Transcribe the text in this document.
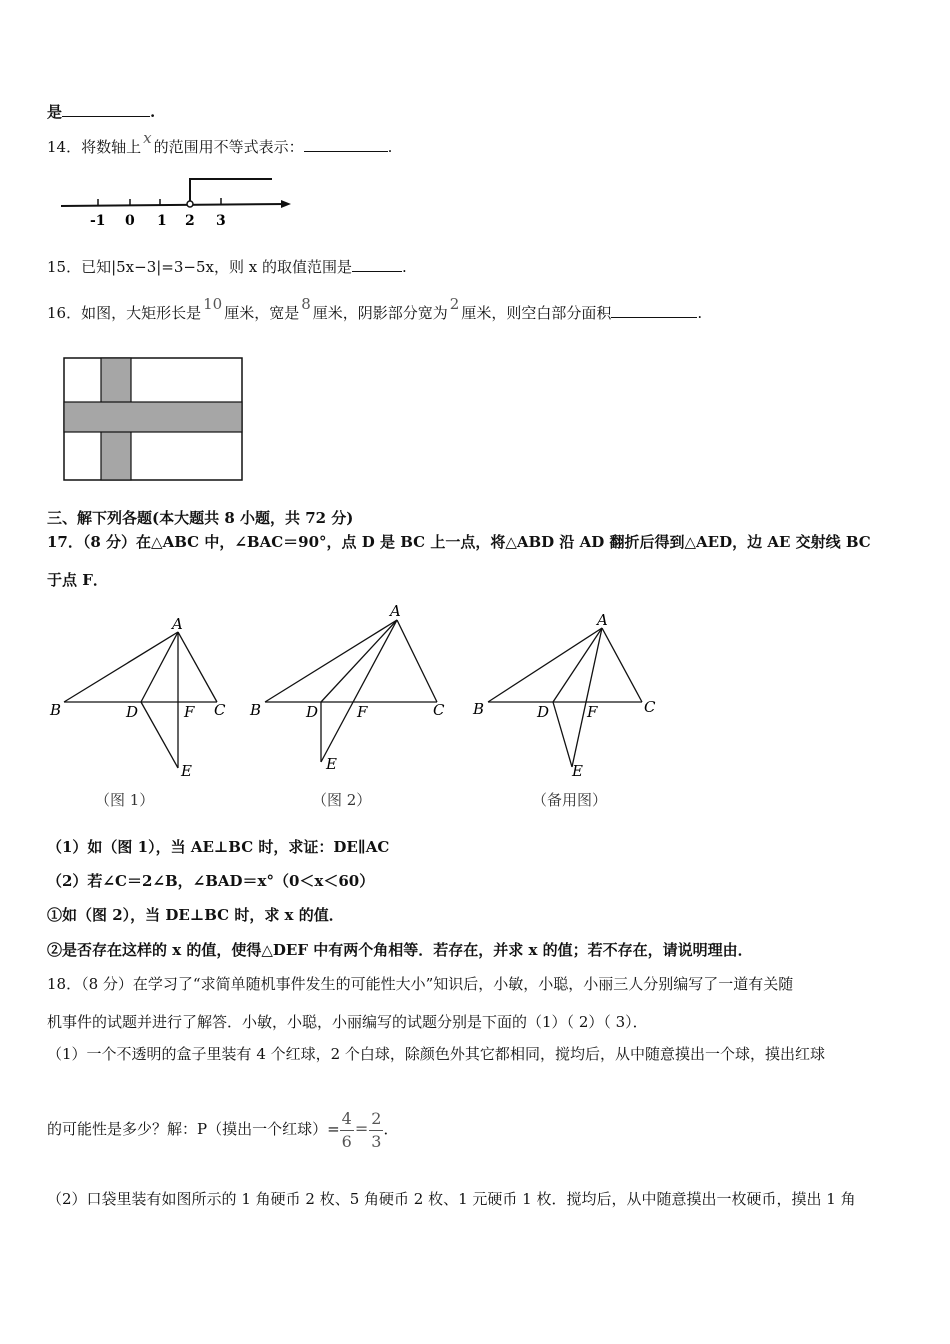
是	.
14．将数轴上 x 的范围用不等式表示：	.
-1 0 1 2 3
15．已知|5x−3|=3−5x，则 x 的取值范围是	.
16．如图，大矩形长是 10 厘米，宽是 8 厘米，阴影部分宽为 2 厘米，则空白部分面积	.
三、解下列各题(本大题共 8 小题，共 72 分)
17．（8 分）在△ABC 中，∠BAC＝90°，点 D 是 BC 上一点，将△ABD 沿 AD 翻折后得到△AED，边 AE 交射线 BC
于点 F．
A
B	D	F C
E
（图 1）
A
B	D	F	C
E
（图 2）
A
B	D	F	C
E
（备用图）
（1）如（图 1），当 AE⊥BC 时，求证：DE∥AC
（2）若∠C＝2∠B，∠BAD＝x°（0＜x＜60）
①如（图 2），当 DE⊥BC 时，求 x 的值．
②是否存在这样的 x 的值，使得△DEF 中有两个角相等．若存在，并求 x 的值；若不存在，请说明理由．
18．（8 分）在学习了“求简单随机事件发生的可能性大小”知识后，小敏，小聪，小丽三人分别编写了一道有关随
机事件的试题并进行了解答．小敏，小聪，小丽编写的试题分别是下面的（1）（ 2）（ 3）．
（1）一个不透明的盒子里装有 4 个红球，2 个白球，除颜色外其它都相同，搅均后，从中随意摸出一个球，摸出红球
的可能性是多少？解：P（摸出一个红球）= $\frac{4}{6} = \frac{2}{3}$ ．
（2）口袋里装有如图所示的 1 角硬币 2 枚、5 角硬币 2 枚、1 元硬币 1 枚．搅均后，从中随意摸出一枚硬币，摸出 1 角
